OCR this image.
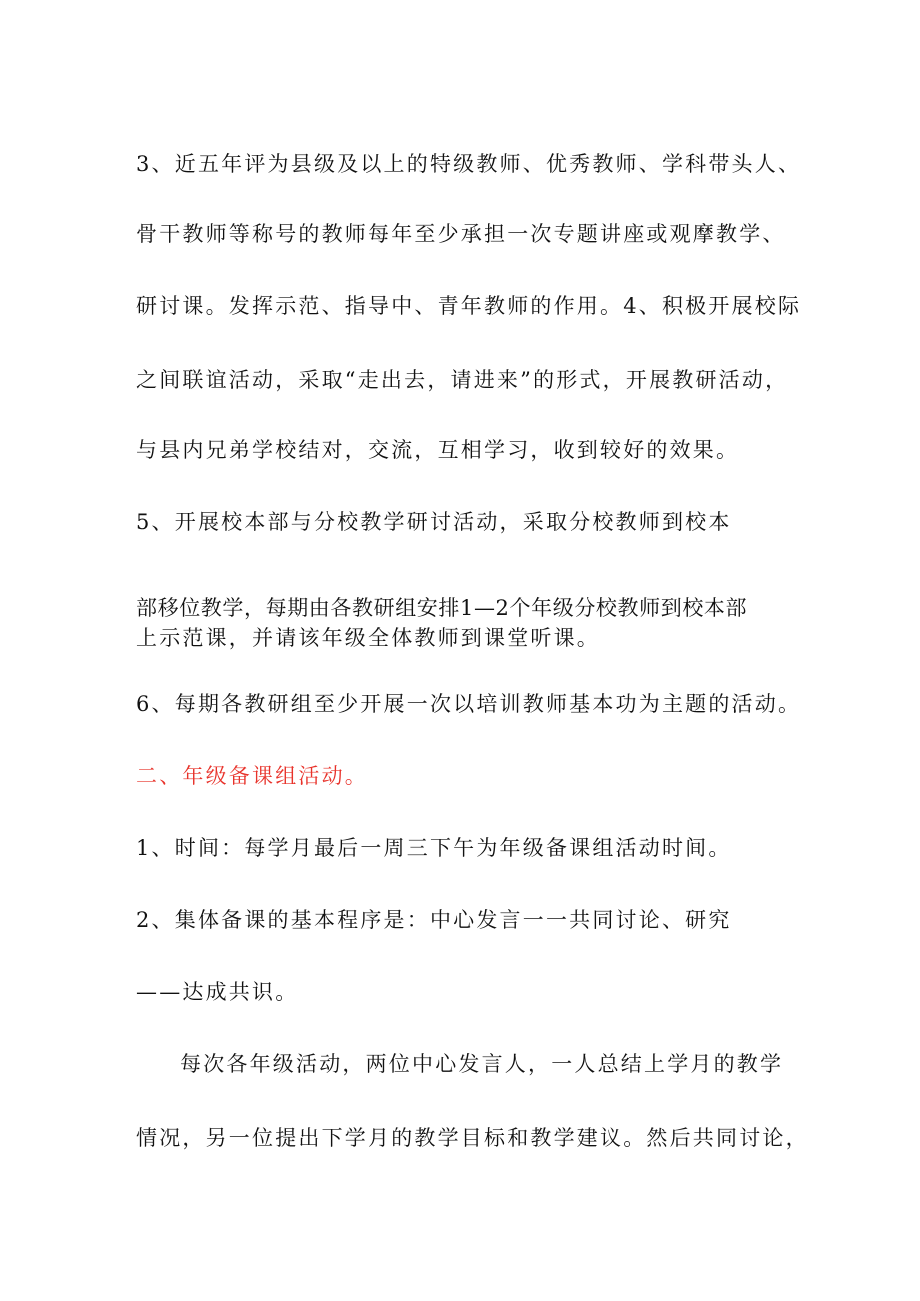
3、近五年评为县级及以上的特级教师、优秀教师、学科带头人、

骨干教师等称号的教师每年至少承担一次专题讲座或观摩教学、

研讨课。发挥示范、指导中、青年教师的作用。4、积极开展校际

之间联谊活动，采取“走出去，请进来”的形式，开展教研活动，

与县内兄弟学校结对，交流，互相学习，收到较好的效果。

5、开展校本部与分校教学研讨活动，采取分校教师到校本

部移位教学，每期由各教研组安排1—2个年级分校教师到校本部

上示范课，并请该年级全体教师到课堂听课。

6、每期各教研组至少开展一次以培训教师基本功为主题的活动。

二、年级备课组活动。

1、时间：每学月最后一周三下午为年级备课组活动时间。

2、集体备课的基本程序是：中心发言一一共同讨论、研究

——达成共识。

每次各年级活动，两位中心发言人，一人总结上学月的教学

情况，另一位提出下学月的教学目标和教学建议。然后共同讨论，
